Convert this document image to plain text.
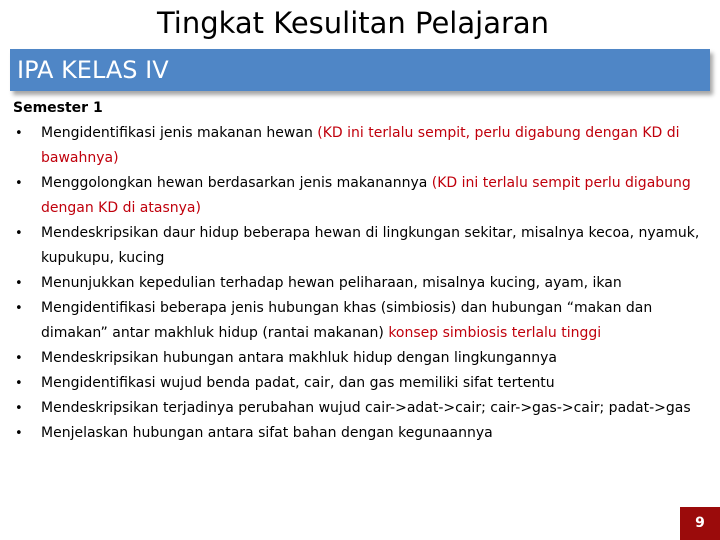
Tingkat Kesulitan Pelajaran
IPA KELAS IV
Semester 1
• Mengidentifikasi jenis makanan hewan (KD ini terlalu sempit, perlu digabung dengan KD di bawahnya)
• Menggolongkan hewan berdasarkan jenis makanannya (KD ini terlalu sempit perlu digabung dengan KD di atasnya)
• Mendeskripsikan daur hidup beberapa hewan di lingkungan sekitar, misalnya kecoa, nyamuk, kupukupu, kucing
• Menunjukkan kepedulian terhadap hewan peliharaan, misalnya kucing, ayam, ikan
• Mengidentifikasi beberapa jenis hubungan khas (simbiosis) dan hubungan “makan dan dimakan” antar makhluk hidup (rantai makanan) konsep simbiosis terlalu tinggi
• Mendeskripsikan hubungan antara makhluk hidup dengan lingkungannya
• Mengidentifikasi wujud benda padat, cair, dan gas memiliki sifat tertentu
• Mendeskripsikan terjadinya perubahan wujud cair->adat->cair; cair->gas->cair; padat->gas
• Menjelaskan hubungan antara sifat bahan dengan kegunaannya
9
